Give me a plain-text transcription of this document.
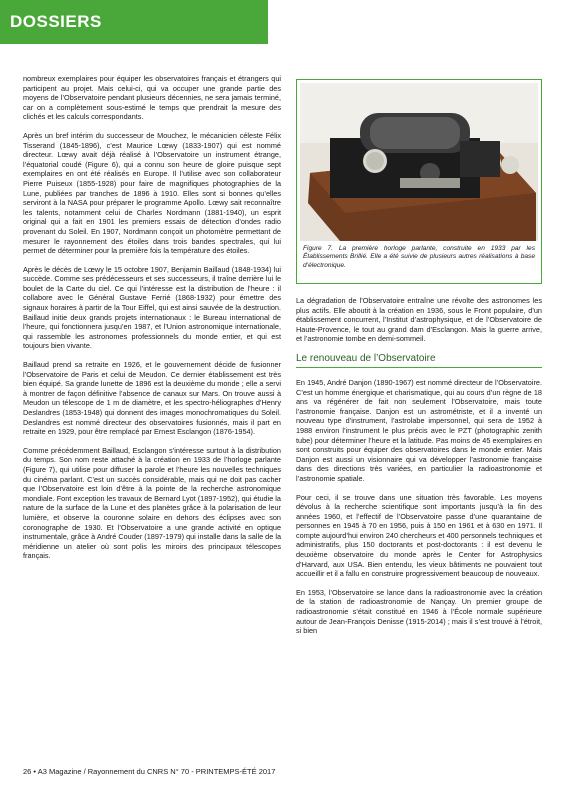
DOSSIERS

nombreux exemplaires pour équiper les observatoires français et étrangers qui participent au projet. Mais celui-ci, qui va occuper une grande partie des moyens de l’Observatoire pendant plusieurs décennies, ne sera jamais terminé, car on a complètement sous-estimé le temps que prendrait la mesure des clichés et les calculs correspondants.

Après un bref intérim du successeur de Mouchez, le mécanicien céleste Félix Tisserand (1845-1896), c’est Maurice Lœwy (1833-1907) qui est nommé directeur. Lœwy avait déjà réalisé à l’Observatoire un instrument étrange, l’équatorial coudé (Figure 6), qui a connu son heure de gloire puisque sept exemplaires en ont été réalisés en Europe. Il l’utilise avec son collaborateur Pierre Puiseux (1855-1928) pour faire de magnifiques photographies de la Lune, publiées par tranches de 1896 à 1910. Elles sont si bonnes qu’elles serviront à la NASA pour préparer le programme Apollo. Lœwy sait reconnaître les talents, notamment celui de Charles Nordmann (1881-1940), un esprit original qui a fait en 1901 les premiers essais de détection d’ondes radio provenant du Soleil. En 1907, Nordmann conçoit un photomètre permettant de mesurer le rayonnement des étoiles dans trois bandes spectrales, qui lui permet de déterminer pour la première fois la température des étoiles.

Après le décès de Lœwy le 15 octobre 1907, Benjamin Baillaud (1848-1934) lui succède. Comme ses prédécesseurs et ses successeurs, il traîne derrière lui le boulet de la Carte du ciel. Ce qui l’intéresse est la distribution de l’heure : il collabore avec le Général Gustave Ferrié (1868-1932) pour émettre des signaux horaires à partir de la Tour Eiffel, qui est ainsi sauvée de la destruction. Baillaud initie deux grands projets internationaux : le Bureau international de l’heure, qui fonctionnera jusqu’en 1987, et l’Union astronomique internationale, qui rassemble les astronomes professionnels du monde entier, et qui est toujours bien vivante.

Baillaud prend sa retraite en 1926, et le gouvernement décide de fusionner l’Observatoire de Paris et celui de Meudon. Ce dernier établissement est très bien équipé. Sa grande lunette de 1896 est la deuxième du monde ; elle a servi à montrer de façon définitive l’absence de canaux sur Mars. On trouve aussi à Meudon un télescope de 1 m de diamètre, et les spectro-héliographes d’Henry Deslandres (1853-1948) qui donnent des images monochromatiques du Soleil. Deslandres est nommé directeur des observatoires fusionnés, mais il part en retraite en 1929, pour être remplacé par Ernest Esclangon (1876-1954).

Comme précédemment Baillaud, Esclangon s’intéresse surtout à la distribution du temps. Son nom reste attaché à la création en 1933 de l’horloge parlante (Figure 7), qui utilise pour diffuser la parole et l’heure les nouvelles techniques du cinéma parlant. C’est un succès considérable, mais qui ne doit pas cacher que l’Observatoire est loin d’être à la pointe de la recherche astronomique mondiale. Font exception les travaux de Bernard Lyot (1897-1952), qui étudie la nature de la surface de la Lune et des planètes grâce à la polarisation de leur lumière, et observe la couronne solaire en dehors des éclipses avec son coronographe de 1930. Et l’Observatoire a une grande activité en optique instrumentale, grâce à André Couder (1897-1979) qui installe dans la salle de la méridienne un atelier où sont polis les miroirs des principaux télescopes français.

Figure 7. La première horloge parlante, construite en 1933 par les Établissements Brillié. Elle a été suivie de plusieurs autres réalisations à base d’électronique.

La dégradation de l’Observatoire entraîne une révolte des astronomes les plus actifs. Elle aboutit à la création en 1936, sous le Front populaire, d’un établissement concurrent, l’Institut d’astrophysique, et de l’Observatoire de Haute-Provence, le tout au grand dam d’Esclangon. Mais la guerre arrive, et l’astronomie tombe en demi-sommeil.

Le renouveau de l’Observatoire

En 1945, André Danjon (1890-1967) est nommé directeur de l’Observatoire. C’est un homme énergique et charismatique, qui au cours d’un règne de 18 ans va régénérer de fait non seulement l’Observatoire, mais toute l’astronomie française. Danjon est un astrométriste, et il a inventé un nouveau type d’instrument, l’astrolabe impersonnel, qui sera de 1952 à 1988 environ l’instrument le plus précis avec le PZT (photographic zenith tube) pour déterminer l’heure et la latitude. Pas moins de 45 exemplaires en sont construits pour équiper des observatoires dans le monde entier. Mais Danjon est aussi un visionnaire qui va développer l’astronomie française dans des directions très variées, en particulier la radioastronomie et l’astronomie spatiale.

Pour ceci, il se trouve dans une situation très favorable. Les moyens dévolus à la recherche scientifique sont importants jusqu’à la fin des années 1960, et l’effectif de l’Observatoire passe d’une quarantaine de personnes en 1945 à 70 en 1956, puis à 150 en 1961 et à 630 en 1971. Il compte aujourd’hui environ 240 chercheurs et 400 personnels techniques et administratifs, plus 150 doctorants et post-doctorants : il est devenu le deuxième observatoire du monde après le Center for Astrophysics d’Harvard, aux USA. Bien entendu, les vieux bâtiments ne pouvaient tout accueillir et il a fallu en construire progressivement beaucoup de nouveaux.

En 1953, l’Observatoire se lance dans la radioastronomie avec la création de la station de radioastronomie de Nançay. Un premier groupe de radioastronomie s’était constitué en 1946 à l’École normale supérieure autour de Jean-François Denisse (1915-2014) ; mais il s’est trouvé à l’étroit, si bien

26 • A3 Magazine / Rayonnement du CNRS N° 70 - PRINTEMPS-ÉTÉ 2017
